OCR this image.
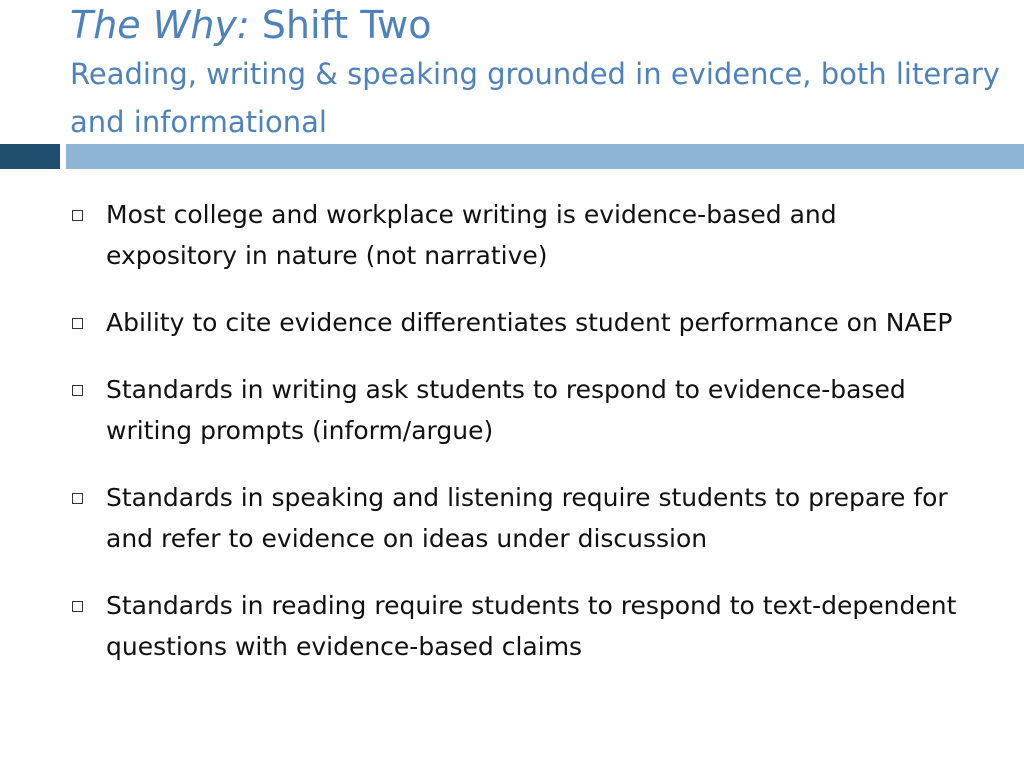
The Why: Shift Two

Reading, writing & speaking grounded in evidence, both literary and informational

Most college and workplace writing is evidence-based and expository in nature (not narrative)
Ability to cite evidence differentiates student performance on NAEP
Standards in writing ask students to respond to evidence-based writing prompts (inform/argue)
Standards in speaking and listening require students to prepare for and refer to evidence on ideas under discussion
Standards in reading require students to respond to text-dependent questions with evidence-based claims
